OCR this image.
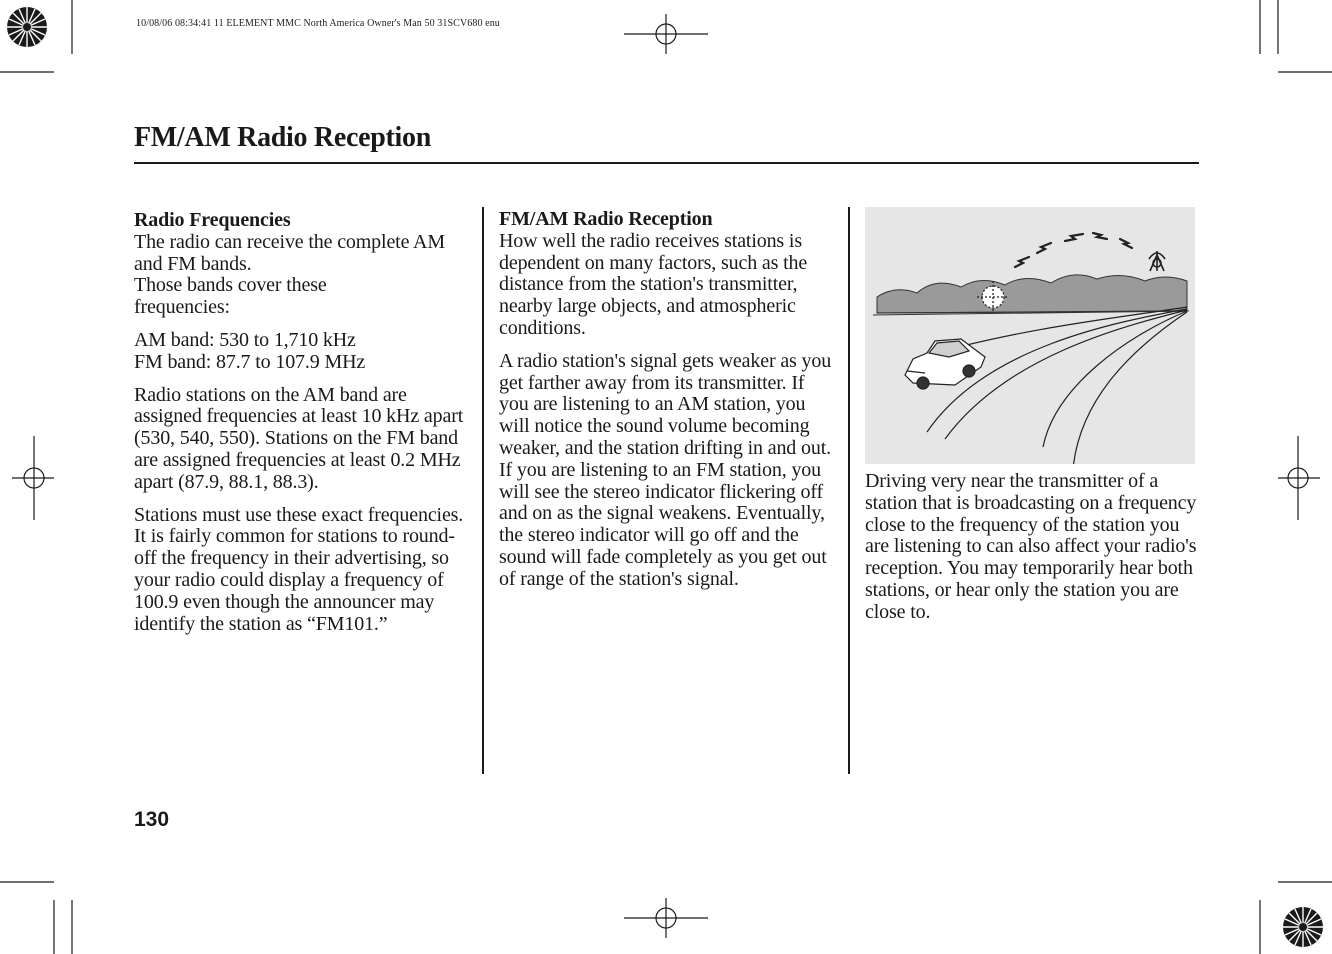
10/08/06 08:34:41 11 ELEMENT MMC North America Owner's Man 50 31SCV680 enu
FM/AM Radio Reception
Radio Frequencies

The radio can receive the complete AM and FM bands.

Those bands cover these frequencies:

AM band: 530 to 1,710 kHz

FM band: 87.7 to 107.9 MHz

Radio stations on the AM band are assigned frequencies at least 10 kHz apart (530, 540, 550). Stations on the FM band are assigned frequencies at least 0.2 MHz apart (87.9, 88.1, 88.3).

Stations must use these exact frequencies. It is fairly common for stations to round-off the frequency in their advertising, so your radio could display a frequency of 100.9 even though the announcer may identify the station as “FM101.”

FM/AM Radio Reception

How well the radio receives stations is dependent on many factors, such as the distance from the station's transmitter, nearby large objects, and atmospheric conditions.

A radio station's signal gets weaker as you get farther away from its transmitter. If you are listening to an AM station, you will notice the sound volume becoming weaker, and the station drifting in and out. If you are listening to an FM station, you will see the stereo indicator flickering off and on as the signal weakens. Eventually, the stereo indicator will go off and the sound will fade completely as you get out of range of the station's signal.

Driving very near the transmitter of a station that is broadcasting on a frequency close to the frequency of the station you are listening to can also affect your radio's reception. You may temporarily hear both stations, or hear only the station you are close to.

130
